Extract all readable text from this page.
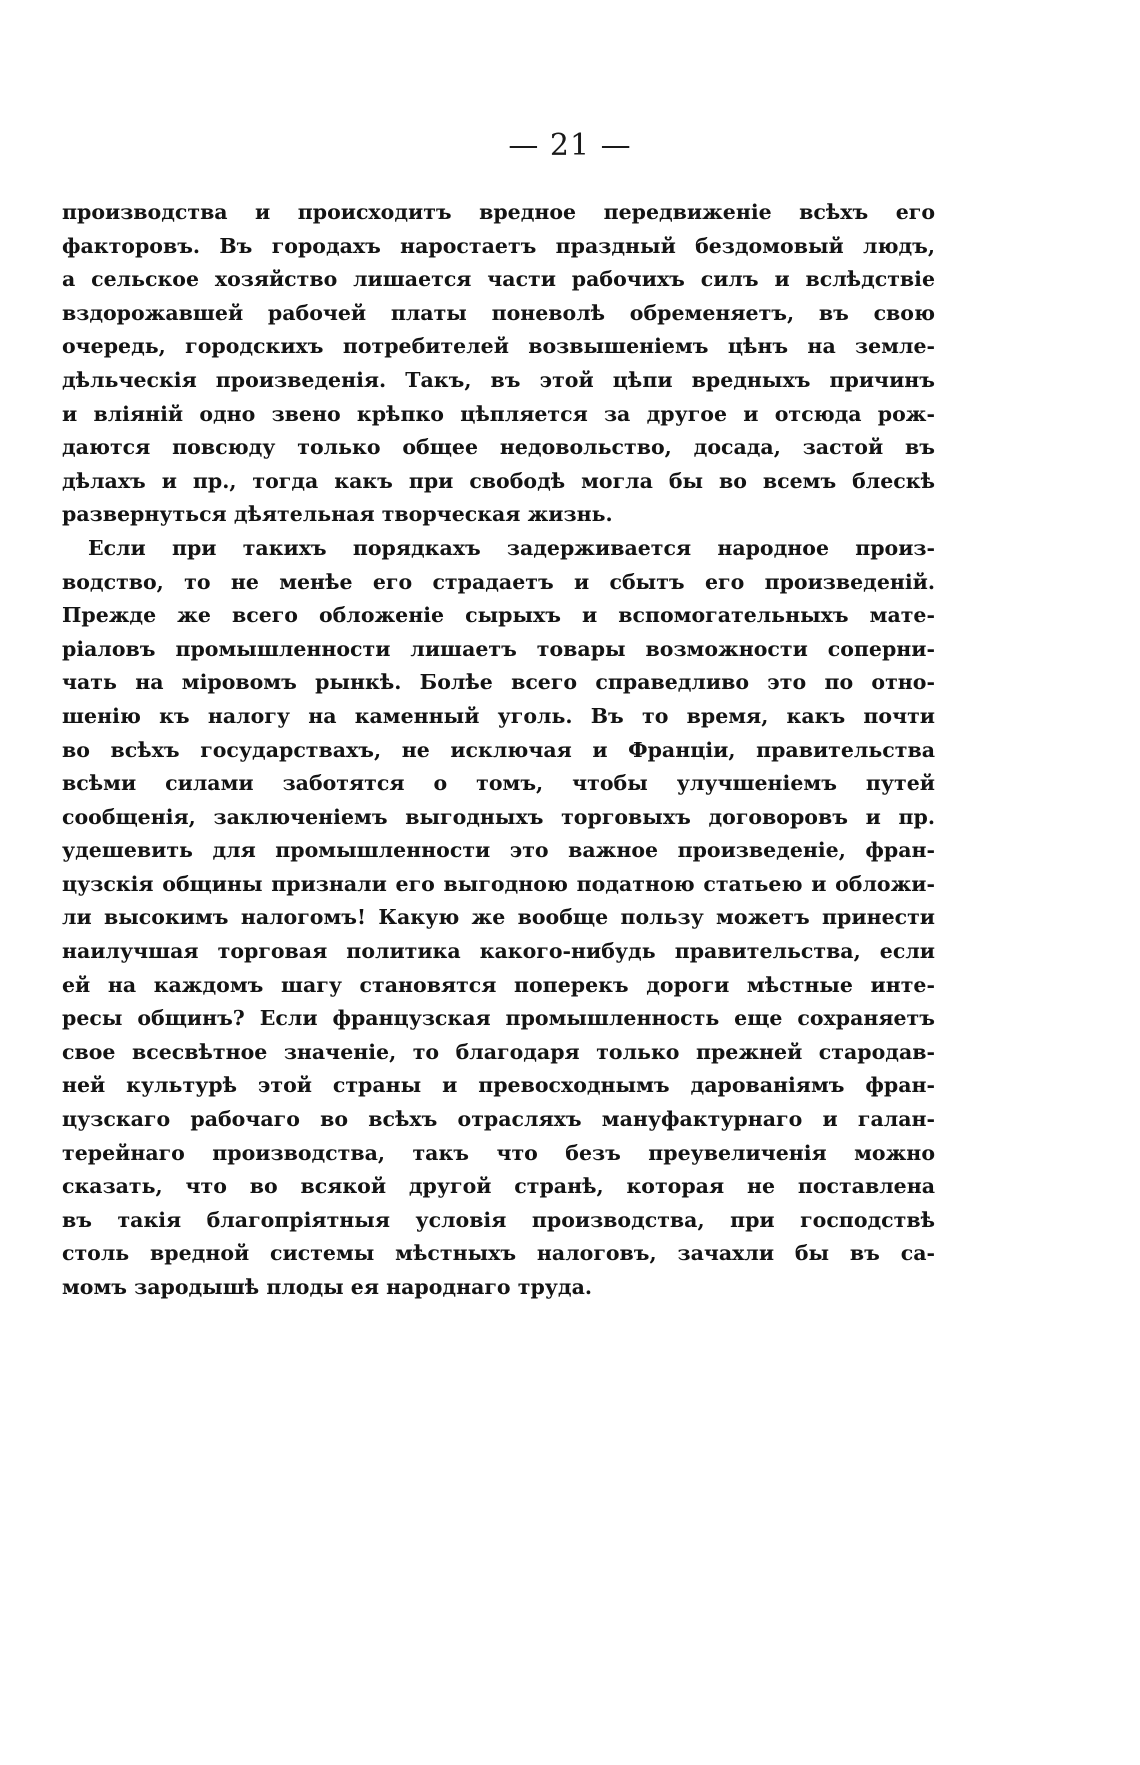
— 21 —
производства и происходитъ вредное передвиженіе всѣхъ его
факторовъ. Въ городахъ наростаетъ праздный бездомовый людъ,
а сельское хозяйство лишается части рабочихъ силъ и вслѣдствіе
вздорожавшей рабочей платы поневолѣ обременяетъ, въ свою
очередь, городскихъ потребителей возвышеніемъ цѣнъ на земле-
дѣльческія произведенія. Такъ, въ этой цѣпи вредныхъ причинъ
и вліяній одно звено крѣпко цѣпляется за другое и отсюда рож-
даются повсюду только общее недовольство, досада, застой въ
дѣлахъ и пр., тогда какъ при свободѣ могла бы во всемъ блескѣ
развернуться дѣятельная творческая жизнь.
Если при такихъ порядкахъ задерживается народное произ-
водство, то не менѣе его страдаетъ и сбытъ его произведеній.
Прежде же всего обложеніе сырыхъ и вспомогательныхъ мате-
ріаловъ промышленности лишаетъ товары возможности соперни-
чать на міровомъ рынкѣ. Болѣе всего справедливо это по отно-
шенію къ налогу на каменный уголь. Въ то время, какъ почти
во всѣхъ государствахъ, не исключая и Франціи, правительства
всѣми силами заботятся о томъ, чтобы улучшеніемъ путей
сообщенія, заключеніемъ выгодныхъ торговыхъ договоровъ и пр.
удешевить для промышленности это важное произведеніе, фран-
цузскія общины признали его выгодною податною статьею и обложи-
ли высокимъ налогомъ! Какую же вообще пользу можетъ принести
наилучшая торговая политика какого-нибудь правительства, если
ей на каждомъ шагу становятся поперекъ дороги мѣстные инте-
ресы общинъ? Если французская промышленность еще сохраняетъ
свое всесвѣтное значеніе, то благодаря только прежней стародав-
ней культурѣ этой страны и превосходнымъ дарованіямъ фран-
цузскаго рабочаго во всѣхъ отрасляхъ мануфактурнаго и галан-
терейнаго производства, такъ что безъ преувеличенія можно
сказать, что во всякой другой странѣ, которая не поставлена
въ такія благопріятныя условія производства, при господствѣ
столь вредной системы мѣстныхъ налоговъ, зачахли бы въ са-
момъ зародышѣ плоды ея народнаго труда.
